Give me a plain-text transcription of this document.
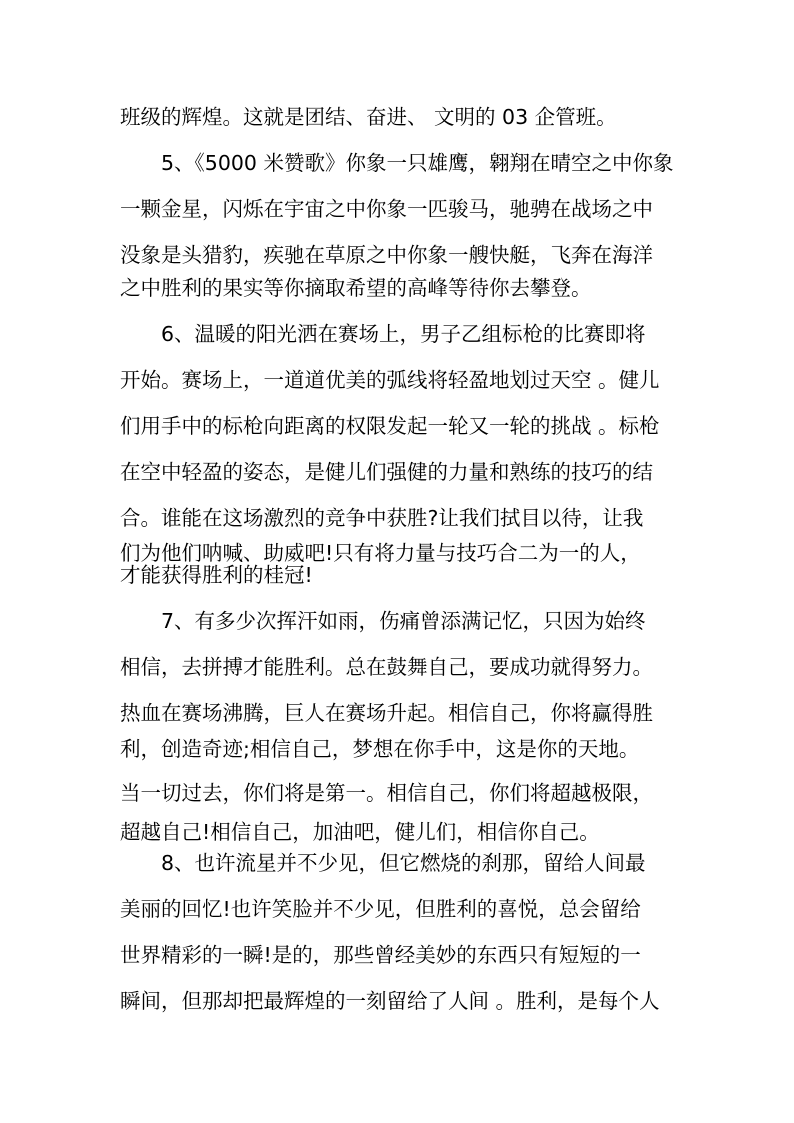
班级的辉煌。这就是团结、奋进、 文明的 03 企管班。
5、《5000 米赞歌》你象一只雄鹰，翱翔在晴空之中你象
一颗金星，闪烁在宇宙之中你象一匹骏马，驰骋在战场之中
没象是头猎豹，疾驰在草原之中你象一艘快艇，飞奔在海洋
之中胜利的果实等你摘取希望的高峰等待你去攀登。
6、温暖的阳光洒在赛场上，男子乙组标枪的比赛即将
开始。赛场上，一道道优美的弧线将轻盈地划过天空 。健儿
们用手中的标枪向距离的权限发起一轮又一轮的挑战 。标枪
在空中轻盈的姿态，是健儿们强健的力量和熟练的技巧的结
合。谁能在这场激烈的竞争中获胜?让我们拭目以待，让我
们为他们呐喊、助威吧!只有将力量与技巧合二为一的人，
才能获得胜利的桂冠!
7、有多少次挥汗如雨，伤痛曾添满记忆，只因为始终
相信，去拼搏才能胜利。总在鼓舞自己，要成功就得努力。
热血在赛场沸腾，巨人在赛场升起。相信自己，你将赢得胜
利，创造奇迹;相信自己，梦想在你手中，这是你的天地。
当一切过去，你们将是第一。相信自己，你们将超越极限，
超越自己!相信自己，加油吧，健儿们，相信你自己。
8、也许流星并不少见，但它燃烧的刹那，留给人间最
美丽的回忆!也许笑脸并不少见，但胜利的喜悦，总会留给
世界精彩的一瞬!是的，那些曾经美妙的东西只有短短的一
瞬间，但那却把最辉煌的一刻留给了人间 。胜利，是每个人
